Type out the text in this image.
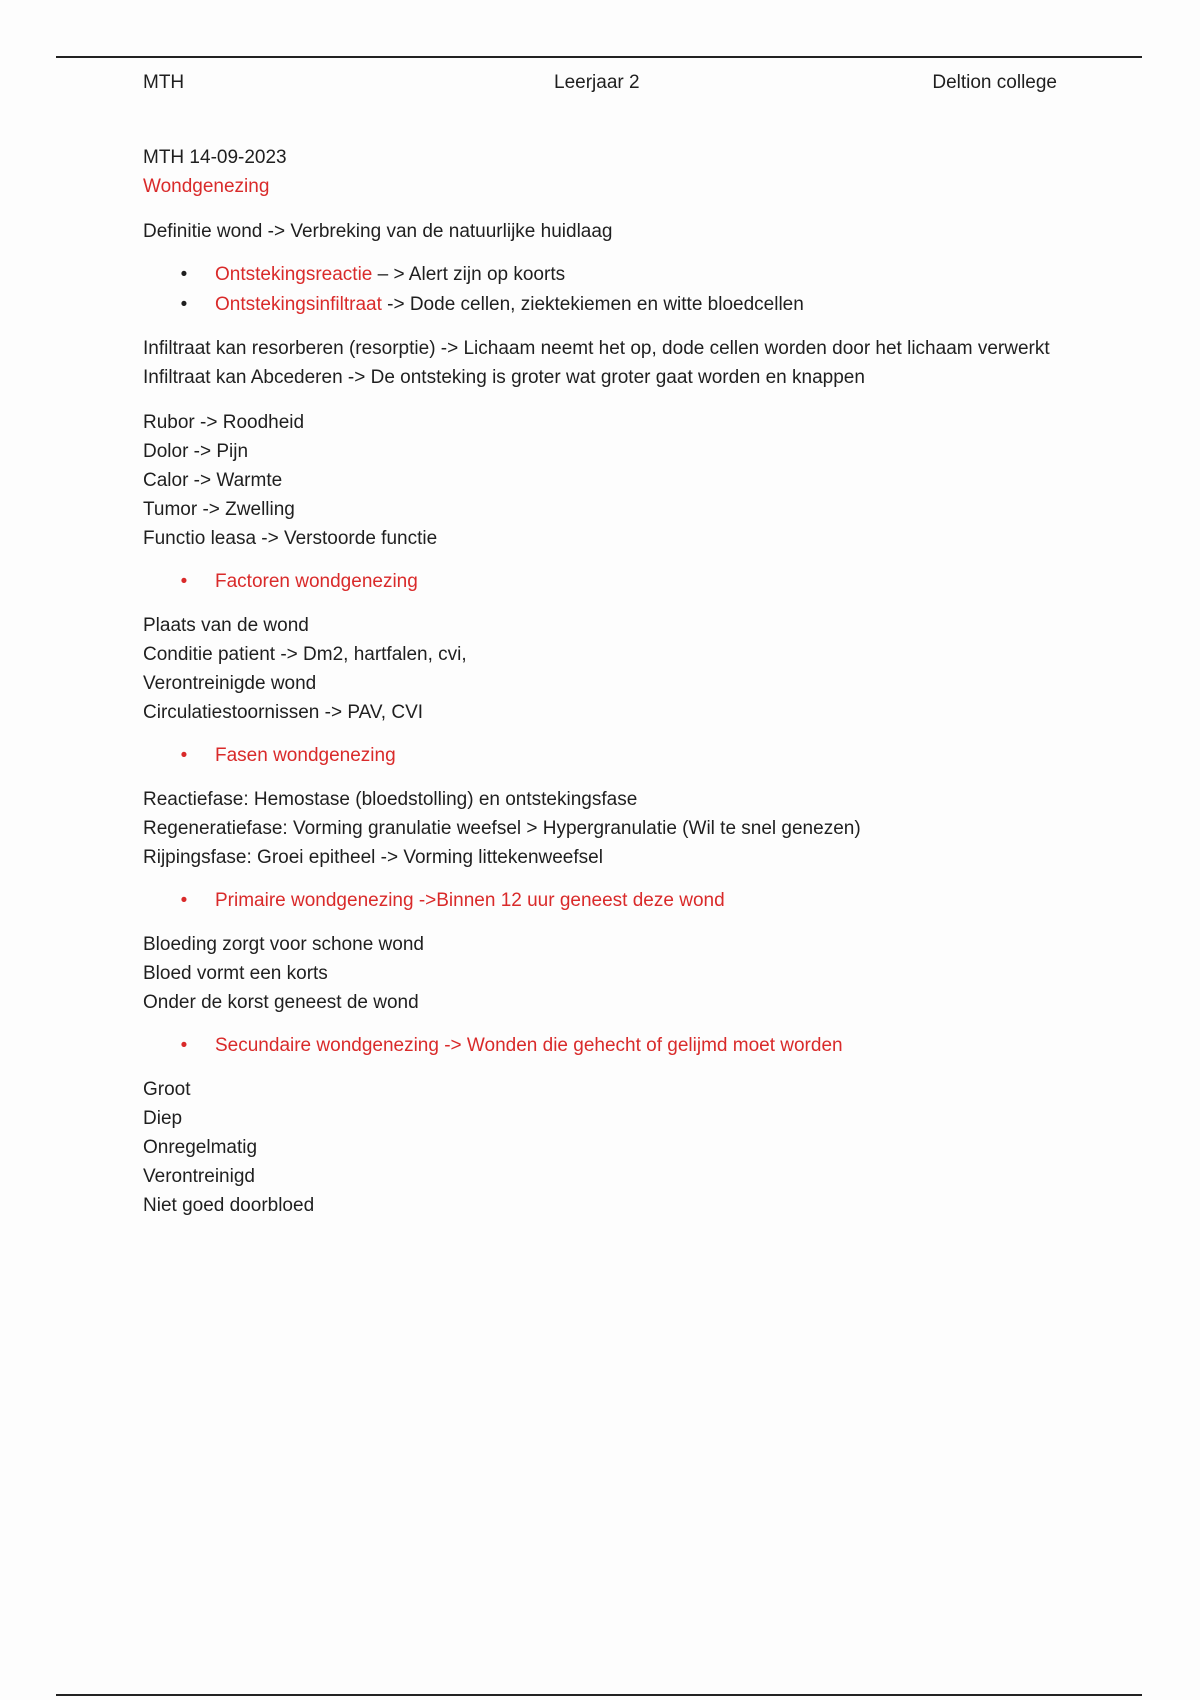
MTH	Leerjaar 2	Deltion college

MTH 14-09-2023

Wondgenezing

Definitie wond -> Verbreking van de natuurlijke huidlaag

• Ontstekingsreactie – > Alert zijn op koorts
• Ontstekingsinfiltraat -> Dode cellen, ziektekiemen en witte bloedcellen

Infiltraat kan resorberen (resorptie) -> Lichaam neemt het op, dode cellen worden door het lichaam verwerkt

Infiltraat kan Abcederen -> De ontsteking is groter wat groter gaat worden en knappen

Rubor -> Roodheid

Dolor -> Pijn

Calor -> Warmte

Tumor -> Zwelling

Functio leasa -> Verstoorde functie

• Factoren wondgenezing

Plaats van de wond

Conditie patient -> Dm2, hartfalen, cvi,

Verontreinigde wond

Circulatiestoornissen -> PAV, CVI

• Fasen wondgenezing

Reactiefase: Hemostase (bloedstolling) en ontstekingsfase

Regeneratiefase: Vorming granulatie weefsel > Hypergranulatie (Wil te snel genezen)

Rijpingsfase: Groei epitheel -> Vorming littekenweefsel

• Primaire wondgenezing ->Binnen 12 uur geneest deze wond

Bloeding zorgt voor schone wond

Bloed vormt een korts

Onder de korst geneest de wond

• Secundaire wondgenezing -> Wonden die gehecht of gelijmd moet worden

Groot

Diep

Onregelmatig

Verontreinigd

Niet goed doorbloed
